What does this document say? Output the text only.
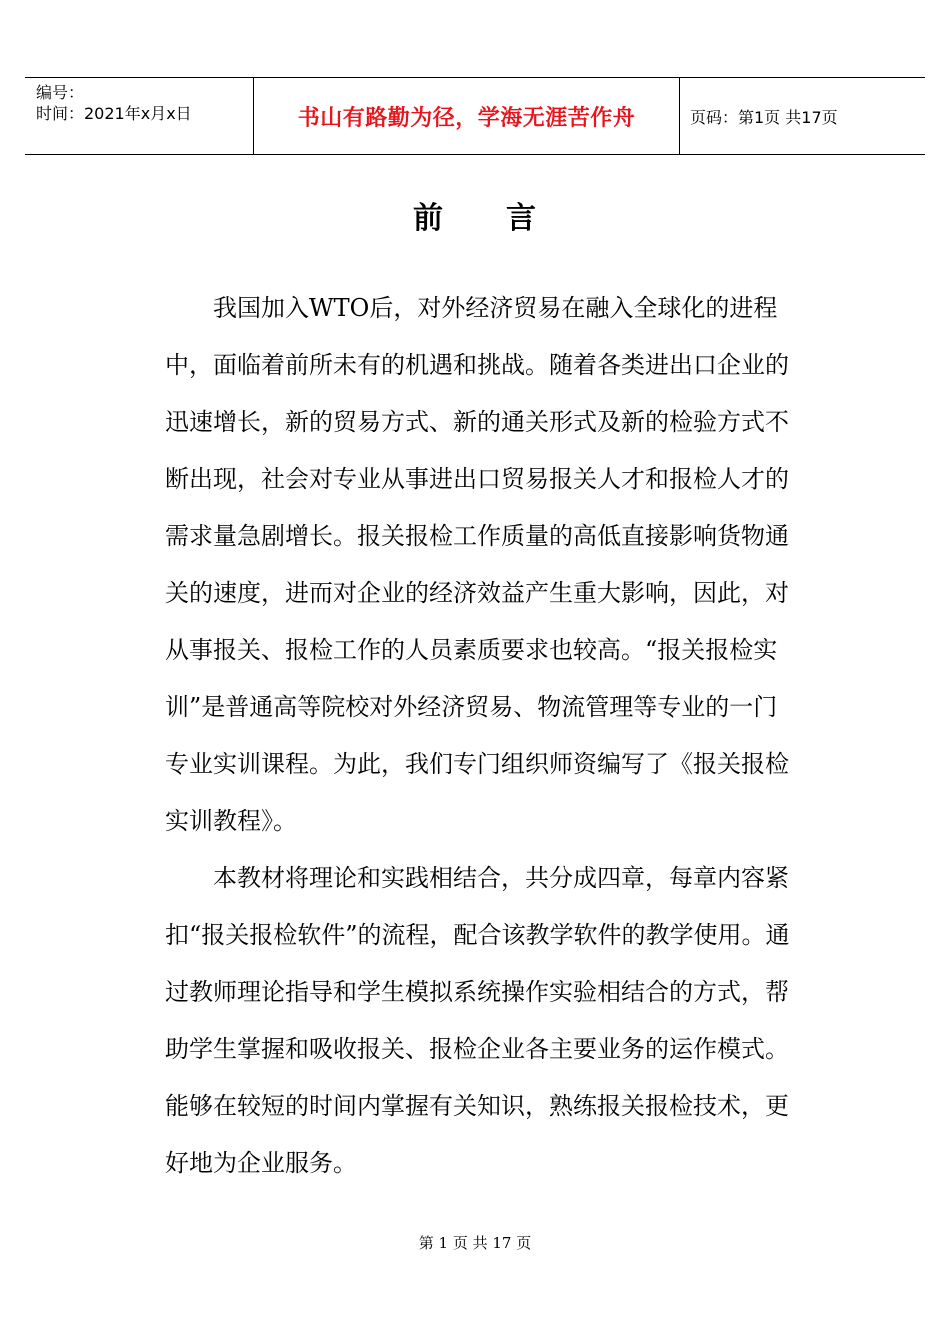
编号：
时间：2021年x月x日	书山有路勤为径，学海无涯苦作舟	页码：第1页 共17页
前 言

我国加入WTO后，对外经济贸易在融入全球化的进程中，面临着前所未有的机遇和挑战。随着各类进出口企业的迅速增长，新的贸易方式、新的通关形式及新的检验方式不断出现，社会对专业从事进出口贸易报关人才和报检人才的需求量急剧增长。报关报检工作质量的高低直接影响货物通关的速度，进而对企业的经济效益产生重大影响，因此，对从事报关、报检工作的人员素质要求也较高。“报关报检实训”是普通高等院校对外经济贸易、物流管理等专业的一门专业实训课程。为此，我们专门组织师资编写了《报关报检实训教程》。

本教材将理论和实践相结合，共分成四章，每章内容紧扣“报关报检软件”的流程，配合该教学软件的教学使用。通过教师理论指导和学生模拟系统操作实验相结合的方式，帮助学生掌握和吸收报关、报检企业各主要业务的运作模式。能够在较短的时间内掌握有关知识，熟练报关报检技术，更好地为企业服务。

第 1 页 共 17 页
